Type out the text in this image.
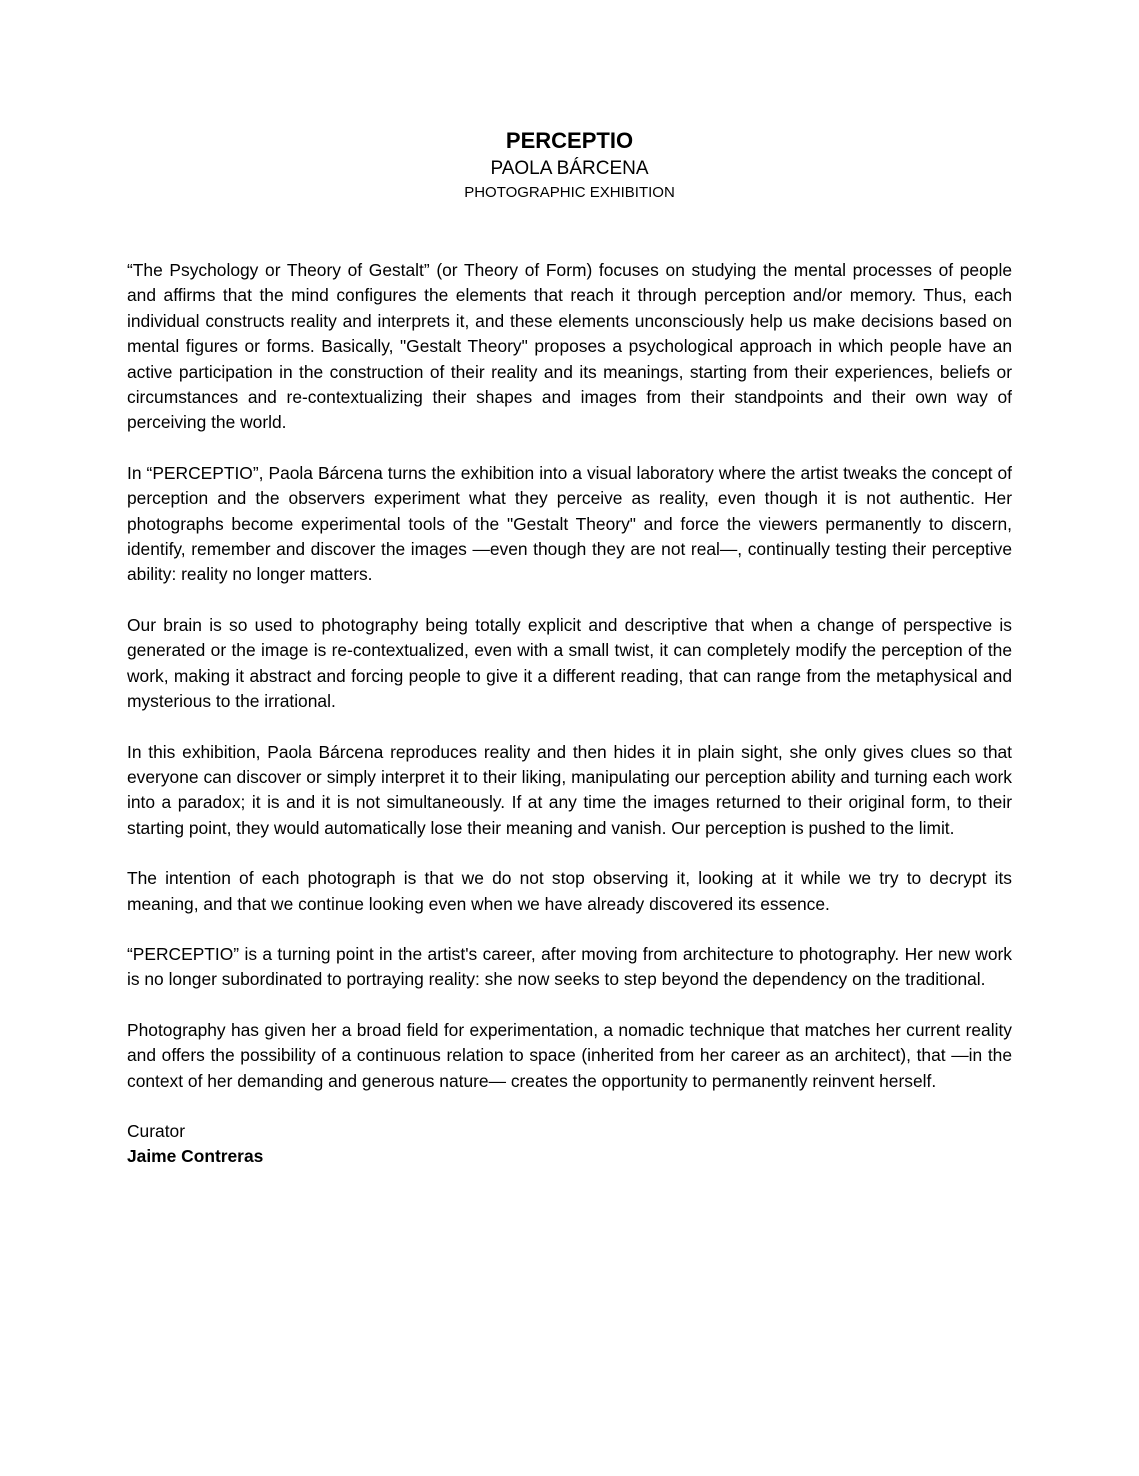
PERCEPTIO

PAOLA BÁRCENA

PHOTOGRAPHIC EXHIBITION

“The Psychology or Theory of Gestalt” (or Theory of Form) focuses on studying the mental processes of people and affirms that the mind configures the elements that reach it through perception and/or memory. Thus, each individual constructs reality and interprets it, and these elements unconsciously help us make decisions based on mental figures or forms. Basically, "Gestalt Theory" proposes a psychological approach in which people have an active participation in the construction of their reality and its meanings, starting from their experiences, beliefs or circumstances and re-contextualizing their shapes and images from their standpoints and their own way of perceiving the world.

In “PERCEPTIO”, Paola Bárcena turns the exhibition into a visual laboratory where the artist tweaks the concept of perception and the observers experiment what they perceive as reality, even though it is not authentic. Her photographs become experimental tools of the "Gestalt Theory" and force the viewers permanently to discern, identify, remember and discover the images —even though they are not real—, continually testing their perceptive ability: reality no longer matters.

Our brain is so used to photography being totally explicit and descriptive that when a change of perspective is generated or the image is re-contextualized, even with a small twist, it can completely modify the perception of the work, making it abstract and forcing people to give it a different reading, that can range from the metaphysical and mysterious to the irrational.

In this exhibition, Paola Bárcena reproduces reality and then hides it in plain sight, she only gives clues so that everyone can discover or simply interpret it to their liking, manipulating our perception ability and turning each work into a paradox; it is and it is not simultaneously. If at any time the images returned to their original form, to their starting point, they would automatically lose their meaning and vanish. Our perception is pushed to the limit.

The intention of each photograph is that we do not stop observing it, looking at it while we try to decrypt its meaning, and that we continue looking even when we have already discovered its essence.

“PERCEPTIO” is a turning point in the artist's career, after moving from architecture to photography. Her new work is no longer subordinated to portraying reality: she now seeks to step beyond the dependency on the traditional.

Photography has given her a broad field for experimentation, a nomadic technique that matches her current reality and offers the possibility of a continuous relation to space (inherited from her career as an architect), that —in the context of her demanding and generous nature— creates the opportunity to permanently reinvent herself.

Curator
Jaime Contreras
